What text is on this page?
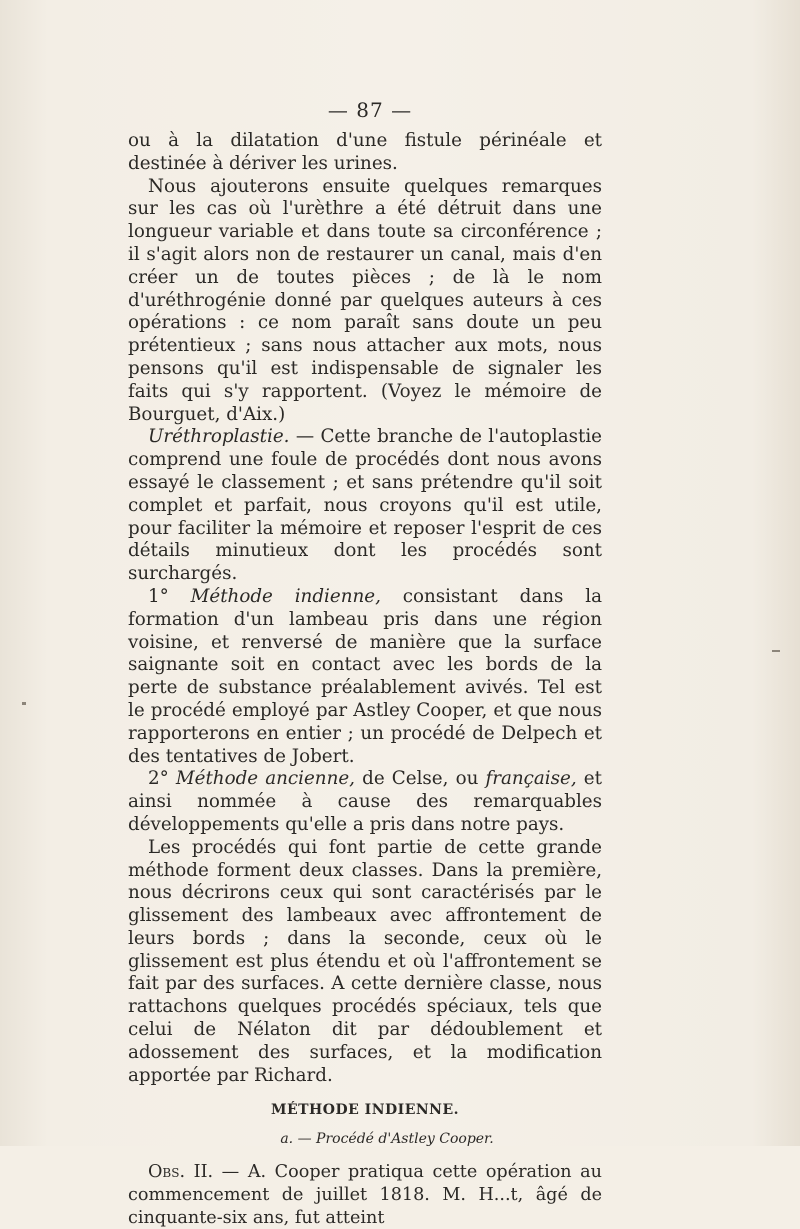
— 87 —

ou à la dilatation d'une fistule périnéale et destinée à dériver les urines.

Nous ajouterons ensuite quelques remarques sur les cas où l'urèthre a été détruit dans une longueur variable et dans toute sa circonférence ; il s'agit alors non de restaurer un canal, mais d'en créer un de toutes pièces ; de là le nom d'uréthrogénie donné par quelques auteurs à ces opérations : ce nom paraît sans doute un peu prétentieux ; sans nous attacher aux mots, nous pensons qu'il est indispensable de signaler les faits qui s'y rapportent. (Voyez le mémoire de Bourguet, d'Aix.)

Uréthroplastie. — Cette branche de l'autoplastie comprend une foule de procédés dont nous avons essayé le classement ; et sans prétendre qu'il soit complet et parfait, nous croyons qu'il est utile, pour faciliter la mémoire et reposer l'esprit de ces détails minutieux dont les procédés sont surchargés.

1° Méthode indienne, consistant dans la formation d'un lambeau pris dans une région voisine, et renversé de manière que la surface saignante soit en contact avec les bords de la perte de substance préalablement avivés. Tel est le procédé employé par Astley Cooper, et que nous rapporterons en entier ; un procédé de Delpech et des tentatives de Jobert.

2° Méthode ancienne, de Celse, ou française, et ainsi nommée à cause des remarquables développements qu'elle a pris dans notre pays.

Les procédés qui font partie de cette grande méthode forment deux classes. Dans la première, nous décrirons ceux qui sont caractérisés par le glissement des lambeaux avec affrontement de leurs bords ; dans la seconde, ceux où le glissement est plus étendu et où l'affrontement se fait par des surfaces. A cette dernière classe, nous rattachons quelques procédés spéciaux, tels que celui de Nélaton dit par dédoublement et adossement des surfaces, et la modification apportée par Richard.

MÉTHODE INDIENNE.
a. — Procédé d'Astley Cooper.

Obs. II. — A. Cooper pratiqua cette opération au commencement de juillet 1818. M. H...t, âgé de cinquante-six ans, fut atteint
